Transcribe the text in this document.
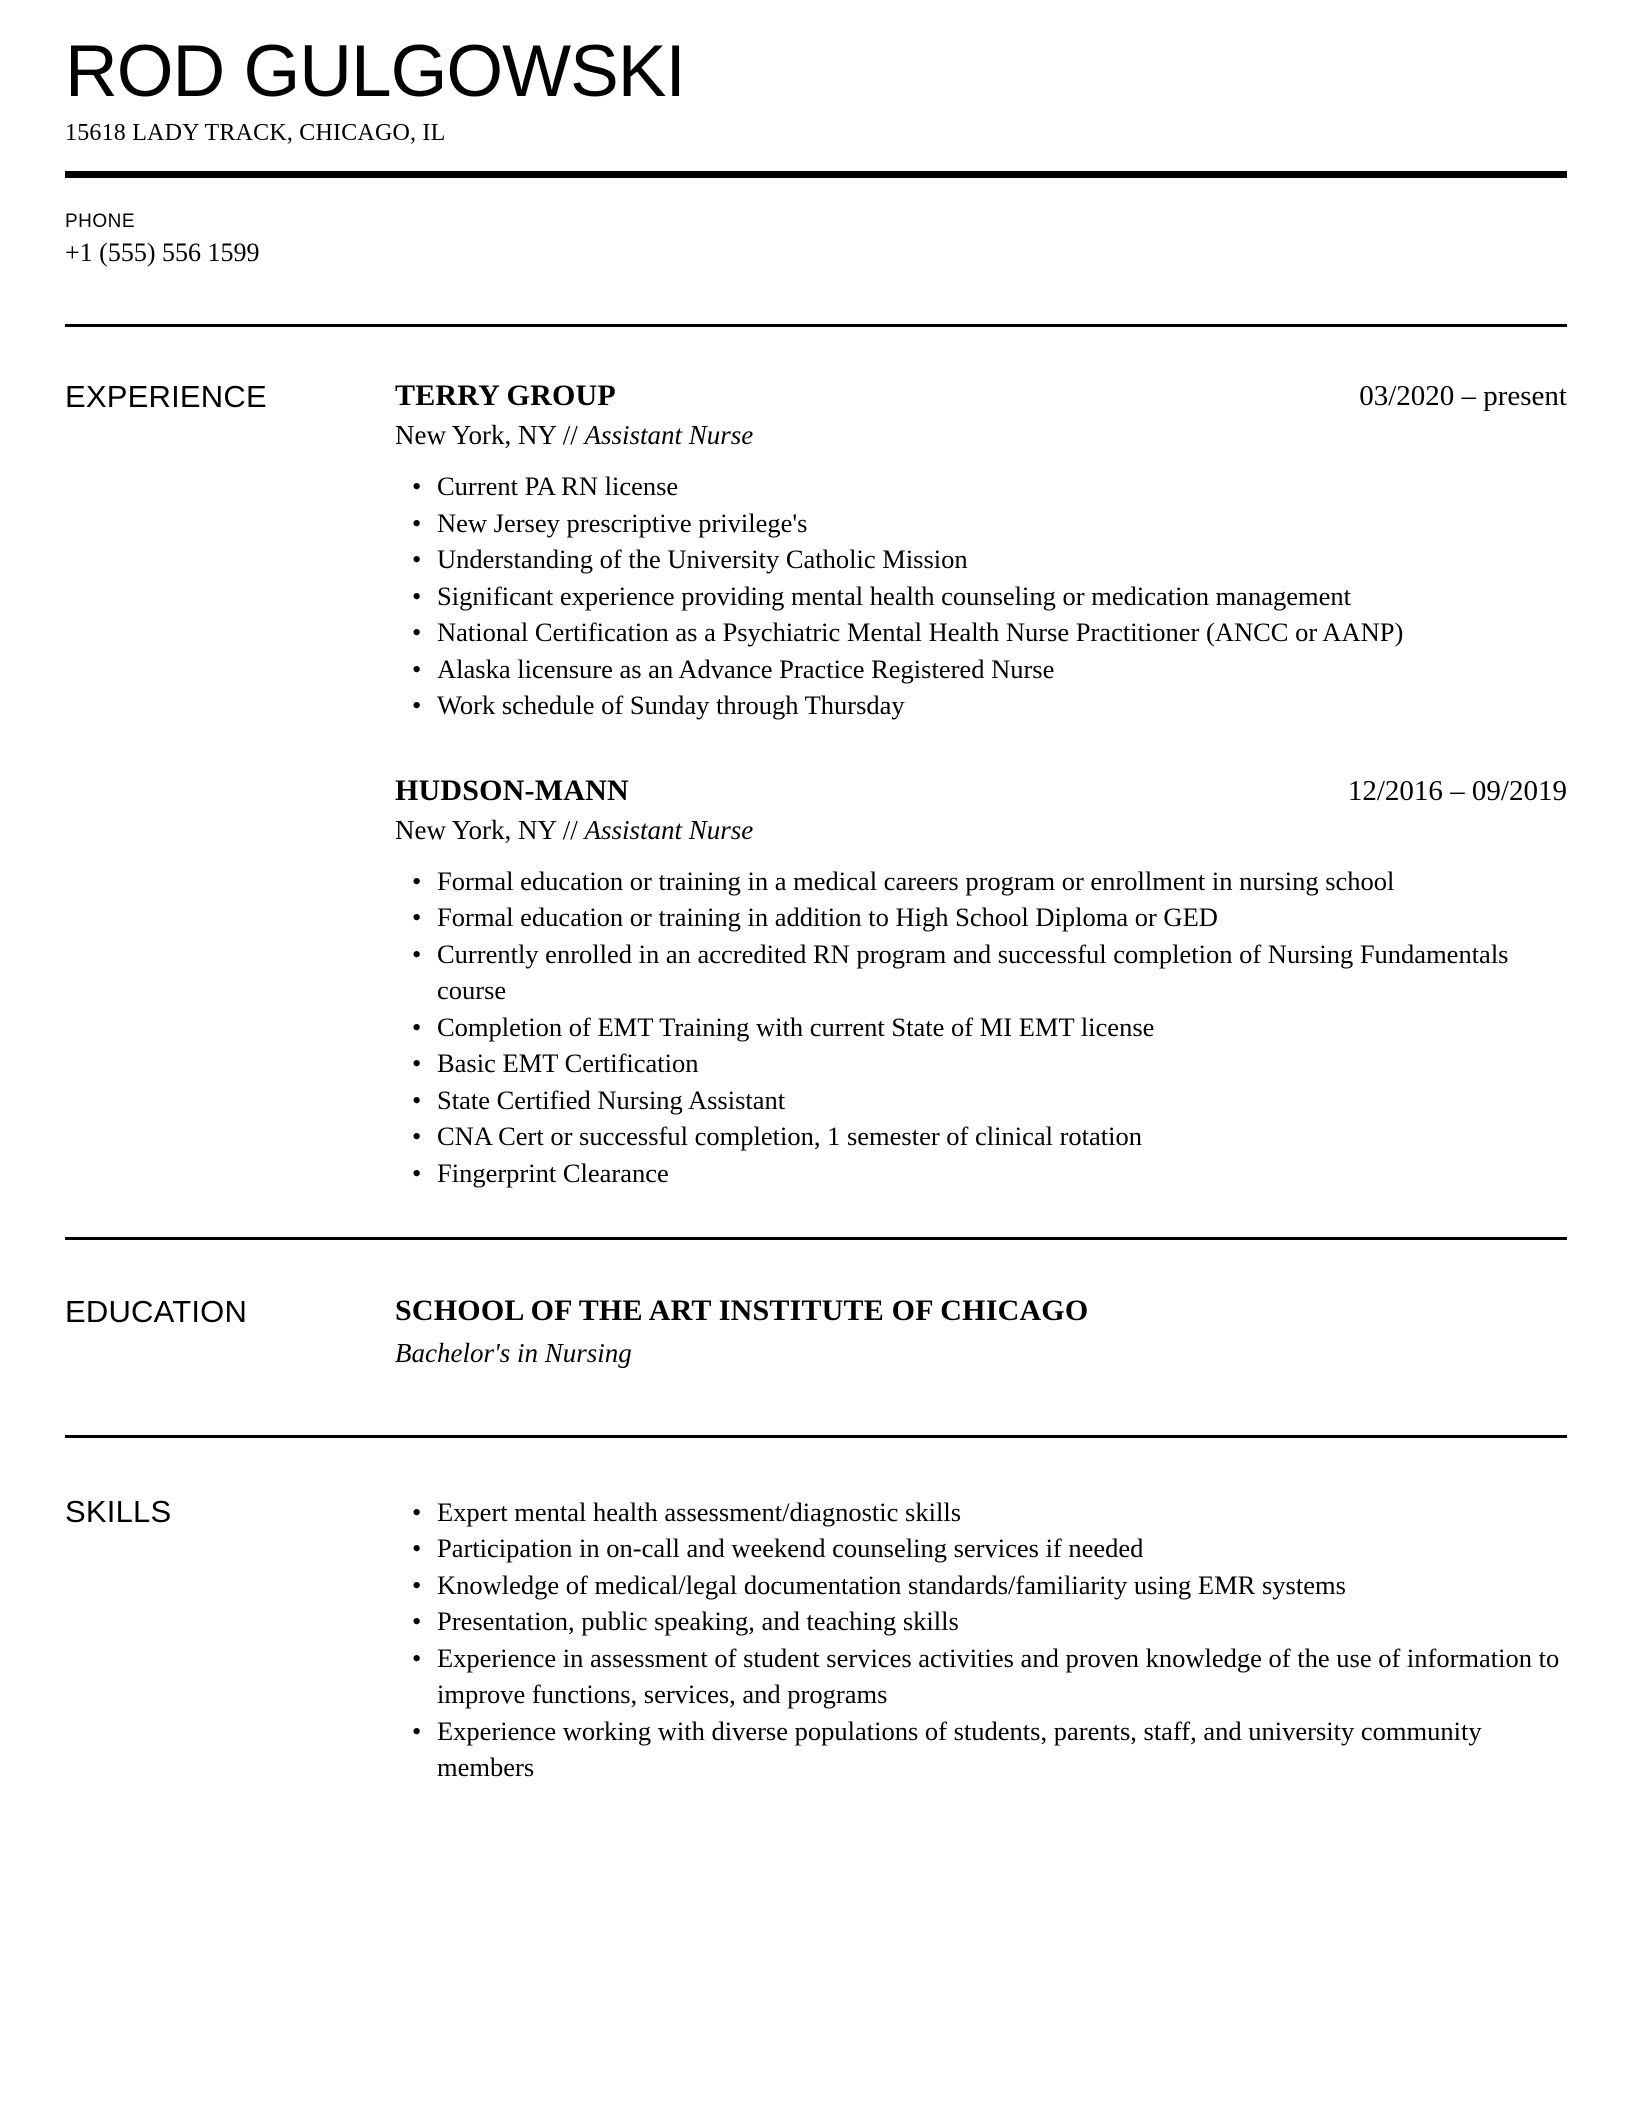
ROD GULGOWSKI
15618 LADY TRACK, CHICAGO, IL
PHONE
+1 (555) 556 1599
EXPERIENCE	TERRY GROUP	03/2020 – present
New York, NY // Assistant Nurse
• Current PA RN license
• New Jersey prescriptive privilege's
• Understanding of the University Catholic Mission
• Significant experience providing mental health counseling or medication management
• National Certification as a Psychiatric Mental Health Nurse Practitioner (ANCC or AANP)
• Alaska licensure as an Advance Practice Registered Nurse
• Work schedule of Sunday through Thursday
HUDSON-MANN	12/2016 – 09/2019
New York, NY // Assistant Nurse
• Formal education or training in a medical careers program or enrollment in nursing school
• Formal education or training in addition to High School Diploma or GED
• Currently enrolled in an accredited RN program and successful completion of Nursing Fundamentals course
• Completion of EMT Training with current State of MI EMT license
• Basic EMT Certification
• State Certified Nursing Assistant
• CNA Cert or successful completion, 1 semester of clinical rotation
• Fingerprint Clearance
EDUCATION	SCHOOL OF THE ART INSTITUTE OF CHICAGO
Bachelor's in Nursing
SKILLS	• Expert mental health assessment/diagnostic skills
• Participation in on-call and weekend counseling services if needed
• Knowledge of medical/legal documentation standards/familiarity using EMR systems
• Presentation, public speaking, and teaching skills
• Experience in assessment of student services activities and proven knowledge of the use of information to improve functions, services, and programs
• Experience working with diverse populations of students, parents, staff, and university community members
